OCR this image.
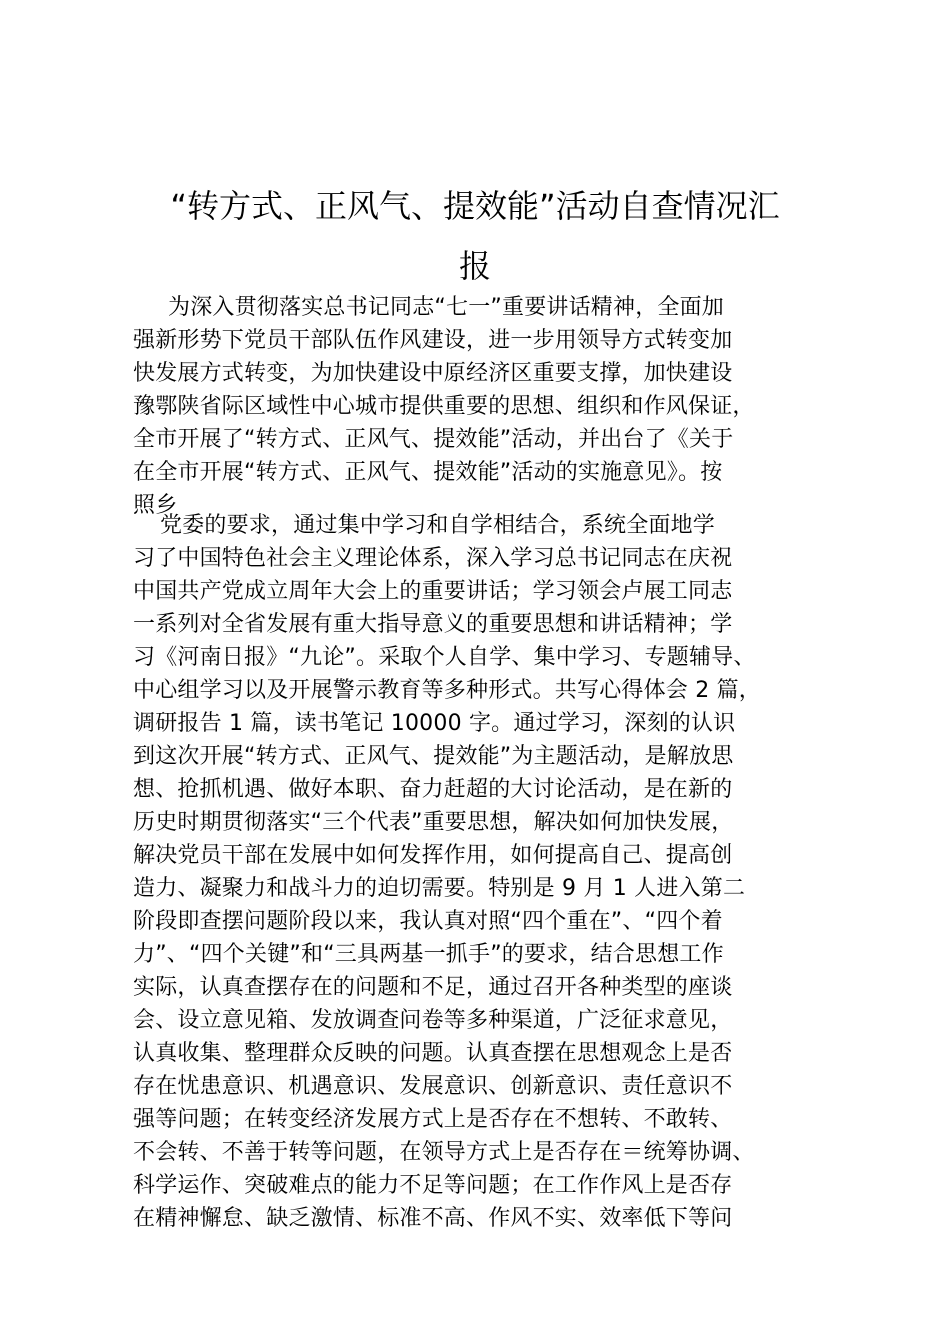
“转方式、正风气、提效能”活动自查情况汇
报
为深入贯彻落实总书记同志“七一”重要讲话精神，全面加
强新形势下党员干部队伍作风建设，进一步用领导方式转变加
快发展方式转变，为加快建设中原经济区重要支撑，加快建设
豫鄂陕省际区域性中心城市提供重要的思想、组织和作风保证，
全市开展了“转方式、正风气、提效能”活动，并出台了《关于
在全市开展“转方式、正风气、提效能”活动的实施意见》。按
照乡
党委的要求，通过集中学习和自学相结合，系统全面地学
习了中国特色社会主义理论体系，深入学习总书记同志在庆祝
中国共产党成立周年大会上的重要讲话；学习领会卢展工同志
一系列对全省发展有重大指导意义的重要思想和讲话精神；学
习《河南日报》“九论”。采取个人自学、集中学习、专题辅导、
中心组学习以及开展警示教育等多种形式。共写心得体会 2 篇，
调研报告 1 篇，读书笔记 10000 字。通过学习，深刻的认识
到这次开展“转方式、正风气、提效能”为主题活动，是解放思
想、抢抓机遇、做好本职、奋力赶超的大讨论活动，是在新的
历史时期贯彻落实“三个代表”重要思想，解决如何加快发展，
解决党员干部在发展中如何发挥作用，如何提高自己、提高创
造力、凝聚力和战斗力的迫切需要。特别是 9 月 1 人进入第二
阶段即查摆问题阶段以来，我认真对照“四个重在”、“四个着
力”、“四个关键”和“三具两基一抓手”的要求，结合思想工作
实际，认真查摆存在的问题和不足，通过召开各种类型的座谈
会、设立意见箱、发放调查问卷等多种渠道，广泛征求意见，
认真收集、整理群众反映的问题。认真查摆在思想观念上是否
存在忧患意识、机遇意识、发展意识、创新意识、责任意识不
强等问题；在转变经济发展方式上是否存在不想转、不敢转、
不会转、不善于转等问题，在领导方式上是否存在＝统筹协调、
科学运作、突破难点的能力不足等问题；在工作作风上是否存
在精神懈怠、缺乏激情、标准不高、作风不实、效率低下等问
